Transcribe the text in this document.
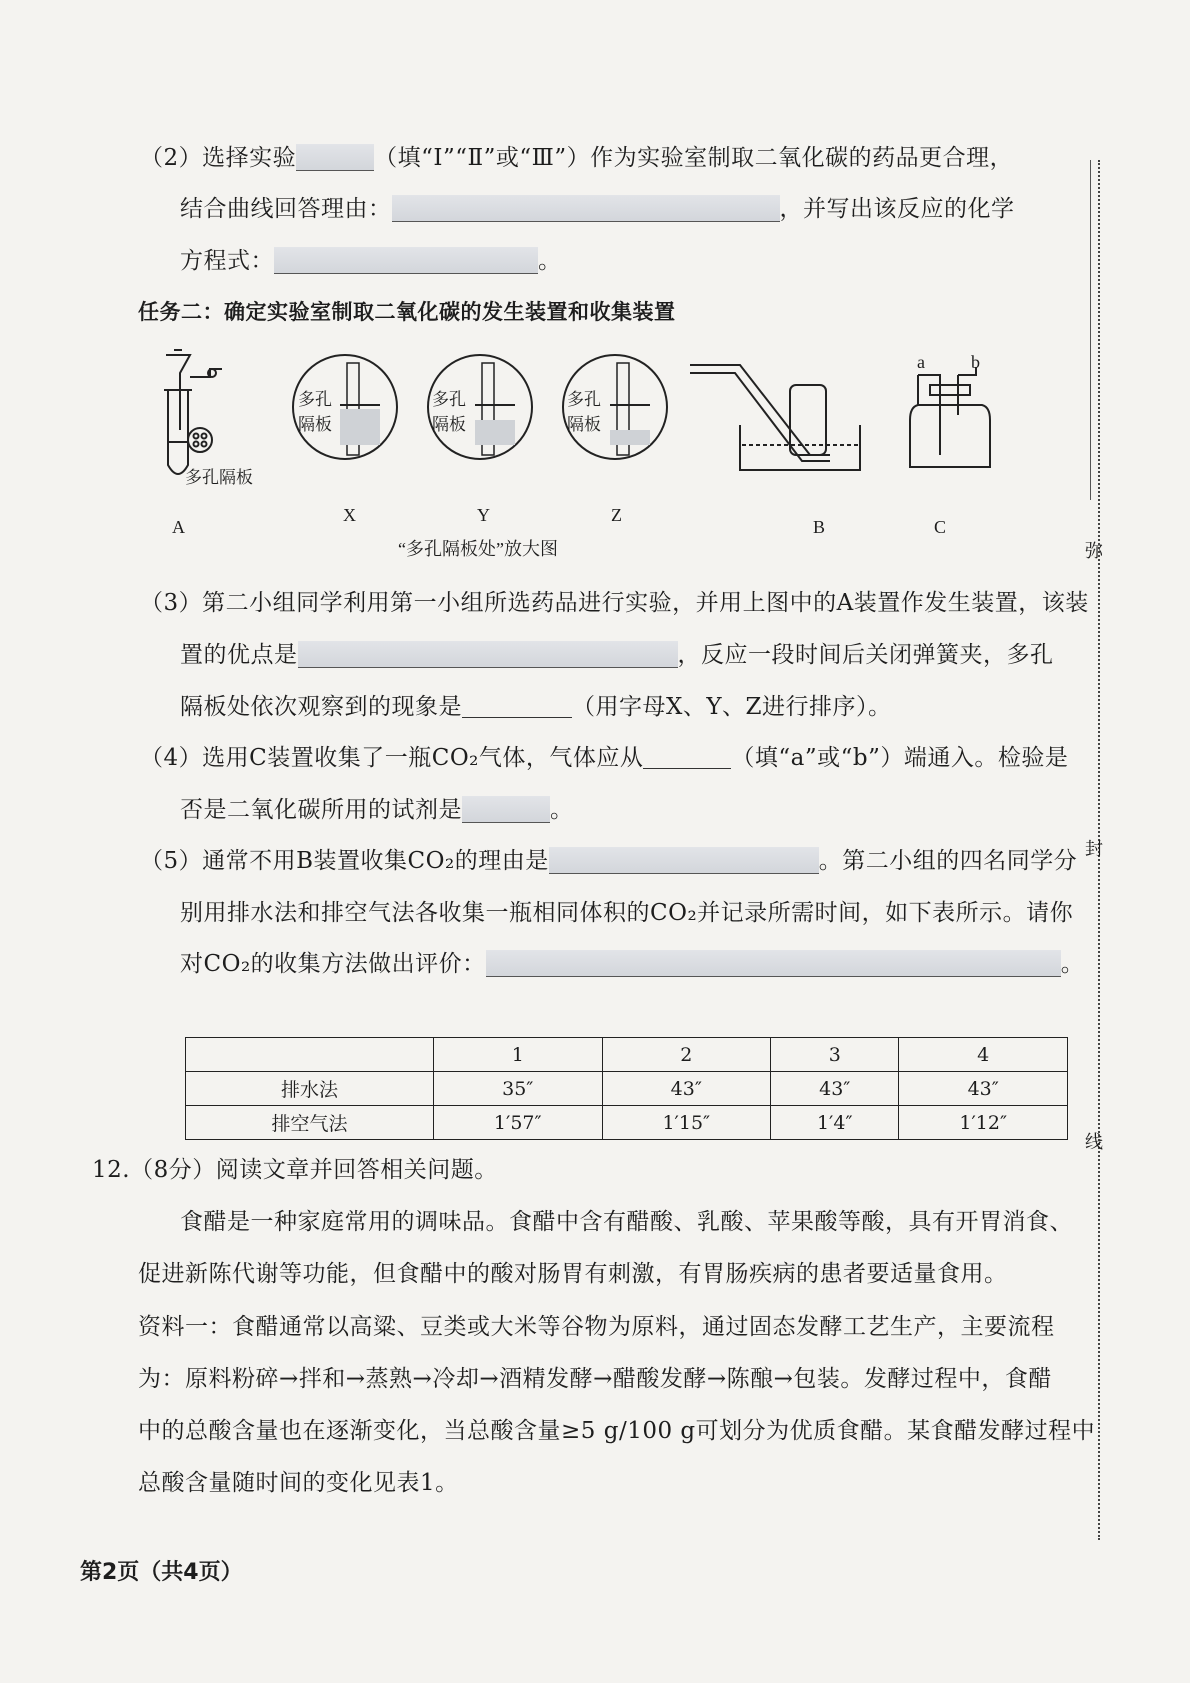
（2）选择实验	（填“Ⅰ”“Ⅱ”或“Ⅲ”）作为实验室制取二氧化碳的药品更合理，
结合曲线回答理由：	，并写出该反应的化学
方程式：	。
任务二：确定实验室制取二氧化碳的发生装置和收集装置
A
多孔隔板
X	Y	Z
多孔
隔板
多孔
隔板
多孔
隔板
B	C
a	b
“多孔隔板处”放大图
（3）第二小组同学利用第一小组所选药品进行实验，并用上图中的A装置作发生装置，该装
置的优点是	，反应一段时间后关闭弹簧夹，多孔
隔板处依次观察到的现象是	（用字母X、Y、Z进行排序）。
（4）选用C装置收集了一瓶CO₂气体，气体应从	（填“a”或“b”）端通入。检验是
否是二氧化碳所用的试剂是	。
（5）通常不用B装置收集CO₂的理由是	。第二小组的四名同学分
别用排水法和排空气法各收集一瓶相同体积的CO₂并记录所需时间，如下表所示。请你
对CO₂的收集方法做出评价：	。
	1	2	3	4
排水法	35″	43″	43″	43″
排空气法	1′57″	1′15″	1′4″	1′12″
12.（8分）阅读文章并回答相关问题。
食醋是一种家庭常用的调味品。食醋中含有醋酸、乳酸、苹果酸等酸，具有开胃消食、
促进新陈代谢等功能，但食醋中的酸对肠胃有刺激，有胃肠疾病的患者要适量食用。
资料一：食醋通常以高粱、豆类或大米等谷物为原料，通过固态发酵工艺生产，主要流程
为：原料粉碎→拌和→蒸熟→冷却→酒精发酵→醋酸发酵→陈酿→包装。发酵过程中，食醋
中的总酸含量也在逐渐变化，当总酸含量≥5 g/100 g可划分为优质食醋。某食醋发酵过程中
总酸含量随时间的变化见表1。
弥
封
线
第2页（共4页）
